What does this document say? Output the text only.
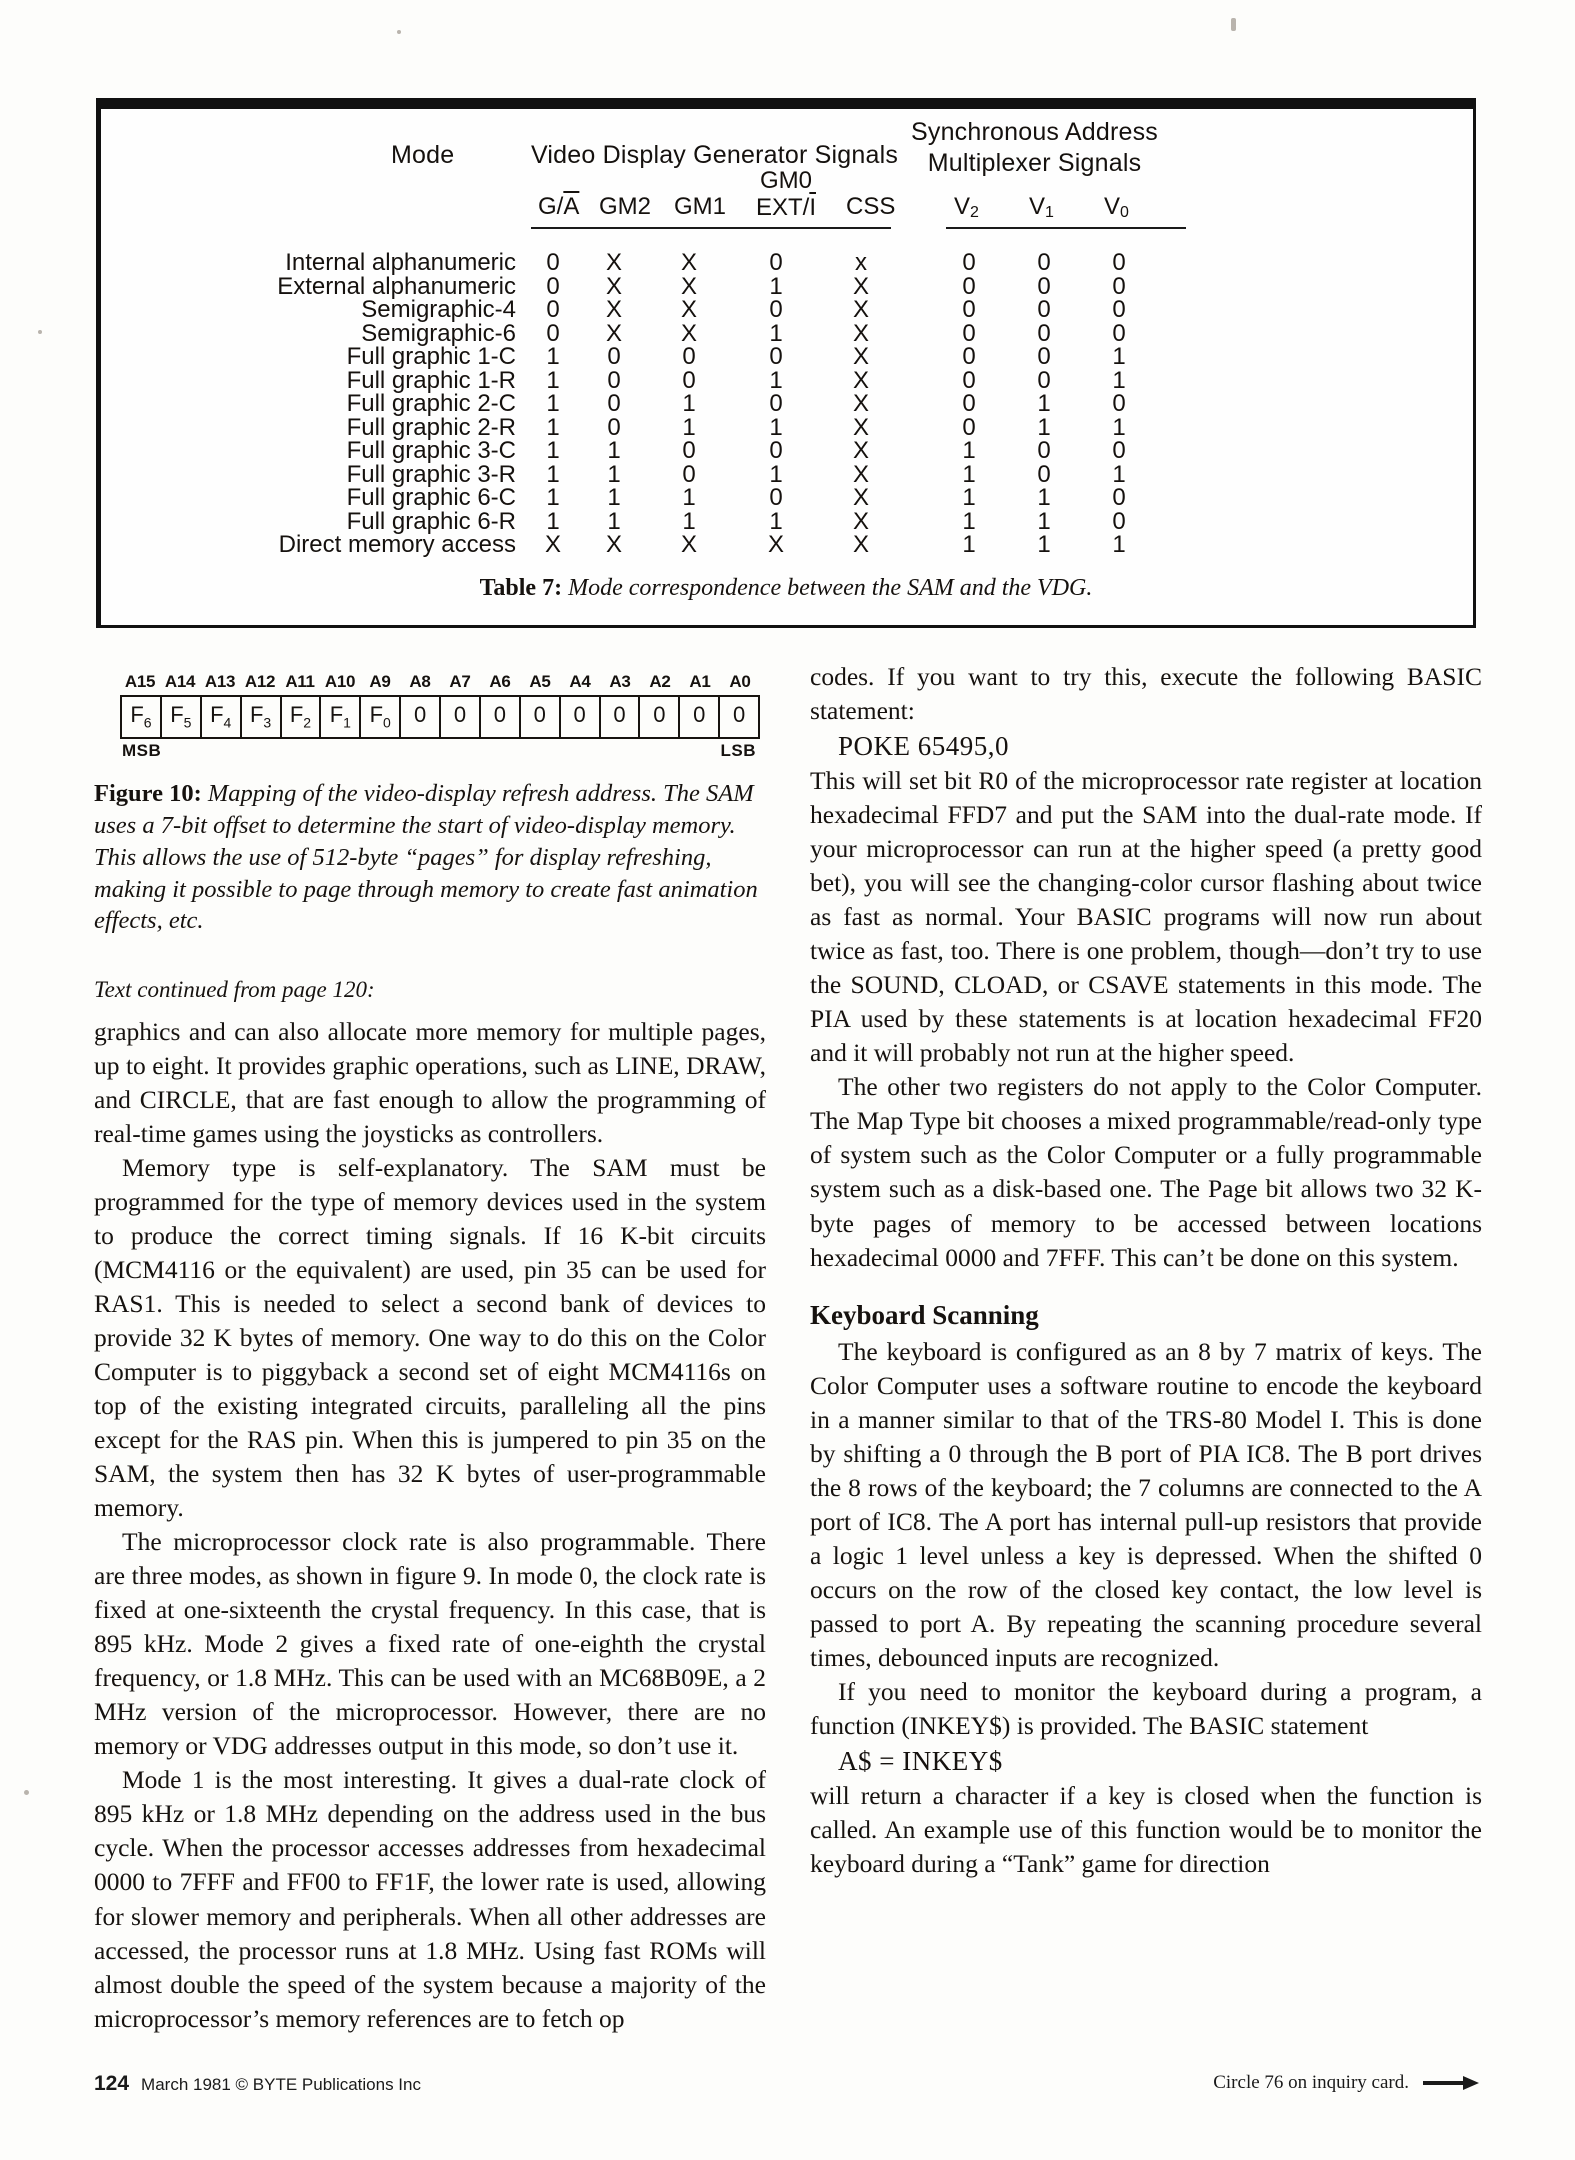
Mode	Video Display Generator Signals
Synchronous Address
Multiplexer Signals
$G/\overline{A}$ GM2 GM1
GM0
EXT/$\overline{I}$	CSS V2 V1 V0
Internal alphanumeric	0	X X	0	x	0	0	0
External alphanumeric	0	X X	1	X	0	0	0
Semigraphic-4	0	X X	0	X	0	0	0
Semigraphic-6	0	X X	1	X	0	0	0
Full graphic 1-C	1	0	0	0	X	0	0	1
Full graphic 1-R	1	0	0	1	X	0	0	1
Full graphic 2-C	1	0	1	0	X	0	1	0
Full graphic 2-R	1	0	1	1	X	0	1	1
Full graphic 3-C	1	1	0	0	X	1	0	0
Full graphic 3-R	1	1	0	1	X	1	0	1
Full graphic 6-C	1	1	1	0	X	1	1	0
Full graphic 6-R	1	1	1	1	X	1	1	0
Direct memory access X X X	X	X	1	1	1
Table 7: Mode correspondence between the SAM and the VDG.
A15 A14 A13 A12 A11 A10 A9	A8	A7	A6	A5	A4	A3	A2	A1	A0
$F_6$ $F_5$ $F_4$ $F_3$ $F_2$ $F_1$ $F_0$	0	0	0	0	0	0	0	0	0
MSB	LSB
Figure 10: Mapping of the video-display refresh address. The SAM uses a 7-bit offset to determine the start of video-display memory. This allows the use of 512-byte “pages” for display refreshing, making it possible to page through memory to create fast animation effects, etc.
Text continued from page 120:

graphics and can also allocate more memory for multiple pages, up to eight. It provides graphic operations, such as LINE, DRAW, and CIRCLE, that are fast enough to allow the programming of real-time games using the joysticks as controllers.

Memory type is self-explanatory. The SAM must be programmed for the type of memory devices used in the system to produce the correct timing signals. If 16 K-bit circuits (MCM4116 or the equivalent) are used, pin 35 can be used for RAS1. This is needed to select a second bank of devices to provide 32 K bytes of memory. One way to do this on the Color Computer is to piggyback a second set of eight MCM4116s on top of the existing integrated circuits, paralleling all the pins except for the RAS pin. When this is jumpered to pin 35 on the SAM, the system then has 32 K bytes of user-programmable memory.

The microprocessor clock rate is also programmable. There are three modes, as shown in figure 9. In mode 0, the clock rate is fixed at one-sixteenth the crystal frequency. In this case, that is 895 kHz. Mode 2 gives a fixed rate of one-eighth the crystal frequency, or 1.8 MHz. This can be used with an MC68B09E, a 2 MHz version of the microprocessor. However, there are no memory or VDG addresses output in this mode, so don’t use it.

Mode 1 is the most interesting. It gives a dual-rate clock of 895 kHz or 1.8 MHz depending on the address used in the bus cycle. When the processor accesses addresses from hexadecimal 0000 to 7FFF and FF00 to FF1F, the lower rate is used, allowing for slower memory and peripherals. When all other addresses are accessed, the processor runs at 1.8 MHz. Using fast ROMs will almost double the speed of the system because a majority of the microprocessor’s memory references are to fetch op

codes. If you want to try this, execute the following BASIC statement:

POKE 65495,0

This will set bit R0 of the microprocessor rate register at location hexadecimal FFD7 and put the SAM into the dual-rate mode. If your microprocessor can run at the higher speed (a pretty good bet), you will see the changing-color cursor flashing about twice as fast as normal. Your BASIC programs will now run about twice as fast, too. There is one problem, though—don’t try to use the SOUND, CLOAD, or CSAVE statements in this mode. The PIA used by these statements is at location hexadecimal FF20 and it will probably not run at the higher speed.

The other two registers do not apply to the Color Computer. The Map Type bit chooses a mixed programmable/read-only type of system such as the Color Computer or a fully programmable system such as a disk-based one. The Page bit allows two 32 K-byte pages of memory to be accessed between locations hexadecimal 0000 and 7FFF. This can’t be done on this system.

Keyboard Scanning

The keyboard is configured as an 8 by 7 matrix of keys. The Color Computer uses a software routine to encode the keyboard in a manner similar to that of the TRS-80 Model I. This is done by shifting a 0 through the B port of PIA IC8. The B port drives the 8 rows of the keyboard; the 7 columns are connected to the A port of IC8. The A port has internal pull-up resistors that provide a logic 1 level unless a key is depressed. When the shifted 0 occurs on the row of the closed key contact, the low level is passed to port A. By repeating the scanning procedure several times, debounced inputs are recognized.

If you need to monitor the keyboard during a program, a function (INKEY$) is provided. The BASIC statement

A$ = INKEY$

will return a character if a key is closed when the function is called. An example use of this function would be to monitor the keyboard during a “Tank” game for direction

124 March 1981 © BYTE Publications Inc	Circle 76 on inquiry card.
